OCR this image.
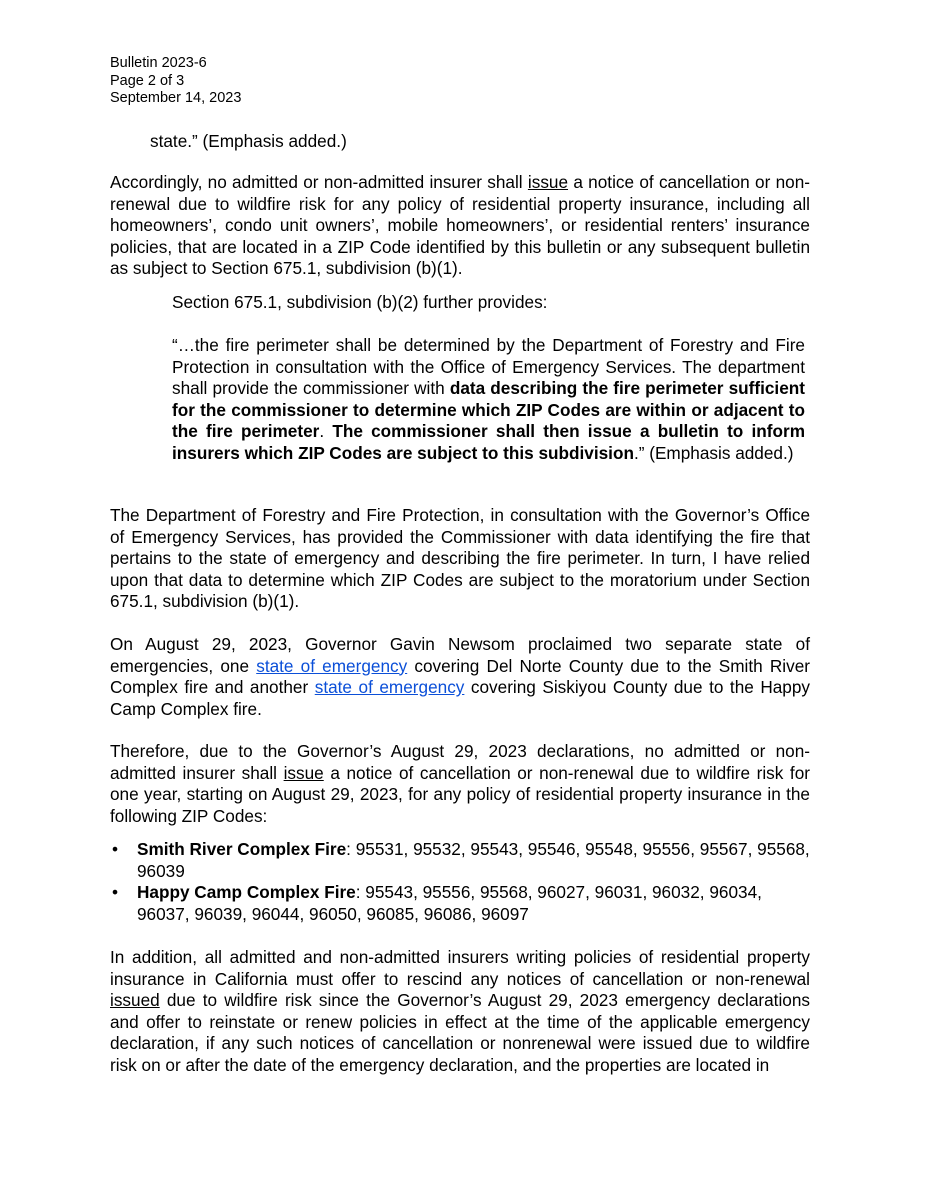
Bulletin 2023-6
Page 2 of 3
September 14, 2023
state.” (Emphasis added.)
Accordingly, no admitted or non-admitted insurer shall issue a notice of cancellation or non-renewal due to wildfire risk for any policy of residential property insurance, including all homeowners’, condo unit owners’, mobile homeowners’, or residential renters’ insurance policies, that are located in a ZIP Code identified by this bulletin or any subsequent bulletin as subject to Section 675.1, subdivision (b)(1).
Section 675.1, subdivision (b)(2) further provides:
“…the fire perimeter shall be determined by the Department of Forestry and Fire Protection in consultation with the Office of Emergency Services. The department shall provide the commissioner with data describing the fire perimeter sufficient for the commissioner to determine which ZIP Codes are within or adjacent to the fire perimeter. The commissioner shall then issue a bulletin to inform insurers which ZIP Codes are subject to this subdivision.” (Emphasis added.)
The Department of Forestry and Fire Protection, in consultation with the Governor’s Office of Emergency Services, has provided the Commissioner with data identifying the fire that pertains to the state of emergency and describing the fire perimeter. In turn, I have relied upon that data to determine which ZIP Codes are subject to the moratorium under Section 675.1, subdivision (b)(1).
On August 29, 2023, Governor Gavin Newsom proclaimed two separate state of emergencies, one state of emergency covering Del Norte County due to the Smith River Complex fire and another state of emergency covering Siskiyou County due to the Happy Camp Complex fire.
Therefore, due to the Governor’s August 29, 2023 declarations, no admitted or non-admitted insurer shall issue a notice of cancellation or non-renewal due to wildfire risk for one year, starting on August 29, 2023, for any policy of residential property insurance in the following ZIP Codes:
• Smith River Complex Fire: 95531, 95532, 95543, 95546, 95548, 95556, 95567, 95568, 96039
• Happy Camp Complex Fire: 95543, 95556, 95568, 96027, 96031, 96032, 96034, 96037, 96039, 96044, 96050, 96085, 96086, 96097
In addition, all admitted and non-admitted insurers writing policies of residential property insurance in California must offer to rescind any notices of cancellation or non-renewal issued due to wildfire risk since the Governor’s August 29, 2023 emergency declarations and offer to reinstate or renew policies in effect at the time of the applicable emergency declaration, if any such notices of cancellation or nonrenewal were issued due to wildfire risk on or after the date of the emergency declaration, and the properties are located in
